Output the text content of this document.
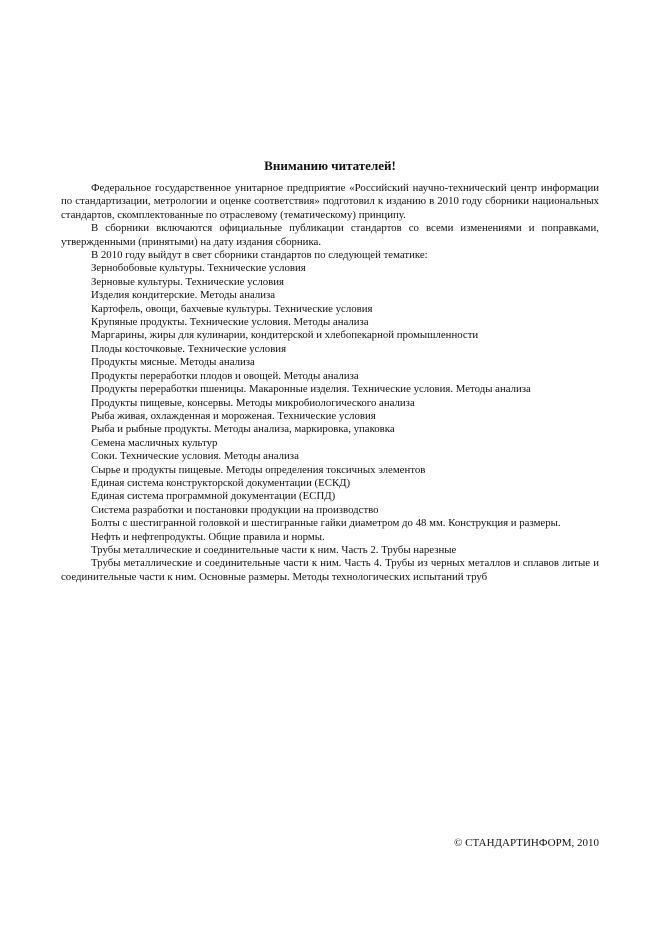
Вниманию читателей!

Федеральное государственное унитарное предприятие «Российский научно-технический центр информации по стандартизации, метрологии и оценке соответствия» подготовил к изданию в 2010 году сборники национальных стандартов, скомплектованные по отраслевому (тематическому) принципу.

В сборники включаются официальные публикации стандартов со всеми изменениями и поправками, утвержденными (принятыми) на дату издания сборника.

В 2010 году выйдут в свет сборники стандартов по следующей тематике:

Зернобобовые культуры. Технические условия
Зерновые культуры. Технические условия
Изделия кондитерские. Методы анализа
Картофель, овощи, бахчевые культуры. Технические условия
Крупяные продукты. Технические условия. Методы анализа
Маргарины, жиры для кулинарии, кондитерской и хлебопекарной промышленности
Плоды косточковые. Технические условия
Продукты мясные. Методы анализа
Продукты переработки плодов и овощей. Методы анализа
Продукты переработки пшеницы. Макаронные изделия. Технические условия. Методы анализа
Продукты пищевые, консервы. Методы микробиологического анализа
Рыба живая, охлажденная и мороженая. Технические условия
Рыба и рыбные продукты. Методы анализа, маркировка, упаковка
Семена масличных культур
Соки. Технические условия. Методы анализа
Сырье и продукты пищевые. Методы определения токсичных элементов
Единая система конструкторской документации (ЕСКД)
Единая система программной документации (ЕСПД)
Система разработки и постановки продукции на производство
Болты с шестигранной головкой и шестигранные гайки диаметром до 48 мм. Конструкция и размеры.
Нефть и нефтепродукты. Общие правила и нормы.
Трубы металлические и соединительные части к ним. Часть 2. Трубы нарезные
Трубы металлические и соединительные части к ним. Часть 4. Трубы из черных металлов и сплавов литые и соединительные части к ним. Основные размеры. Методы технологических испытаний труб
© СТАНДАРТИНФОРМ, 2010
